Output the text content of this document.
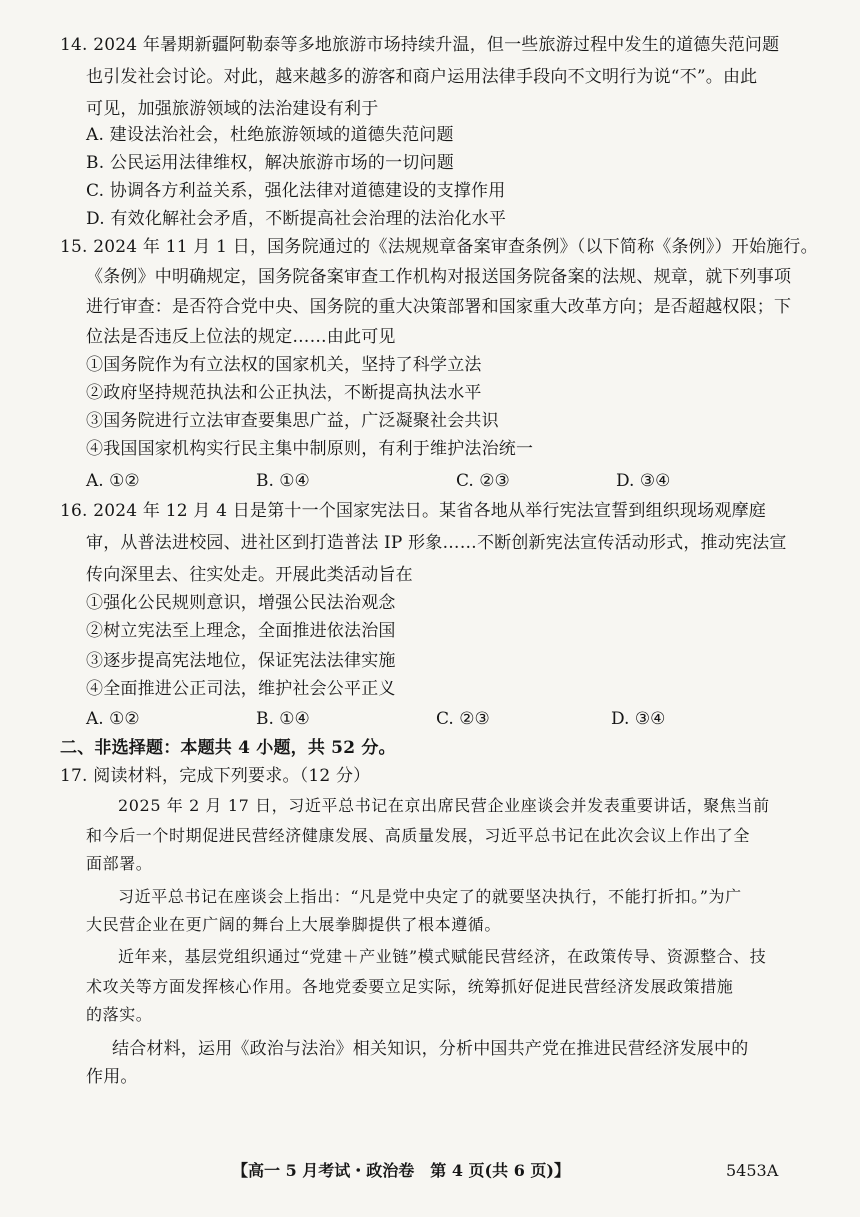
14. 2024 年暑期新疆阿勒泰等多地旅游市场持续升温，但一些旅游过程中发生的道德失范问题
也引发社会讨论。对此，越来越多的游客和商户运用法律手段向不文明行为说“不”。由此
可见，加强旅游领域的法治建设有利于
A. 建设法治社会，杜绝旅游领域的道德失范问题
B. 公民运用法律维权，解决旅游市场的一切问题
C. 协调各方利益关系，强化法律对道德建设的支撑作用
D. 有效化解社会矛盾，不断提高社会治理的法治化水平
15. 2024 年 11 月 1 日，国务院通过的《法规规章备案审查条例》（以下简称《条例》）开始施行。
《条例》中明确规定，国务院备案审查工作机构对报送国务院备案的法规、规章，就下列事项
进行审查：是否符合党中央、国务院的重大决策部署和国家重大改革方向；是否超越权限；下
位法是否违反上位法的规定……由此可见
①国务院作为有立法权的国家机关，坚持了科学立法
②政府坚持规范执法和公正执法，不断提高执法水平
③国务院进行立法审查要集思广益，广泛凝聚社会共识
④我国国家机构实行民主集中制原则，有利于维护法治统一
A. ①②	B. ①④	C. ②③	D. ③④
16. 2024 年 12 月 4 日是第十一个国家宪法日。某省各地从举行宪法宣誓到组织现场观摩庭
审，从普法进校园、进社区到打造普法 IP 形象……不断创新宪法宣传活动形式，推动宪法宣
传向深里去、往实处走。开展此类活动旨在
①强化公民规则意识，增强公民法治观念
②树立宪法至上理念，全面推进依法治国
③逐步提高宪法地位，保证宪法法律实施
④全面推进公正司法，维护社会公平正义
A. ①②	B. ①④	C. ②③	D. ③④
二、非选择题：本题共 4 小题，共 52 分。
17. 阅读材料，完成下列要求。（12 分）
2025 年 2 月 17 日，习近平总书记在京出席民营企业座谈会并发表重要讲话，聚焦当前
和今后一个时期促进民营经济健康发展、高质量发展，习近平总书记在此次会议上作出了全
面部署。
习近平总书记在座谈会上指出：“凡是党中央定了的就要坚决执行，不能打折扣。”为广
大民营企业在更广阔的舞台上大展拳脚提供了根本遵循。
近年来，基层党组织通过“党建＋产业链”模式赋能民营经济，在政策传导、资源整合、技
术攻关等方面发挥核心作用。各地党委要立足实际，统筹抓好促进民营经济发展政策措施
的落实。
结合材料，运用《政治与法治》相关知识，分析中国共产党在推进民营经济发展中的
作用。
【高一 5 月考试・政治卷　第 4 页(共 6 页)】	5453A
